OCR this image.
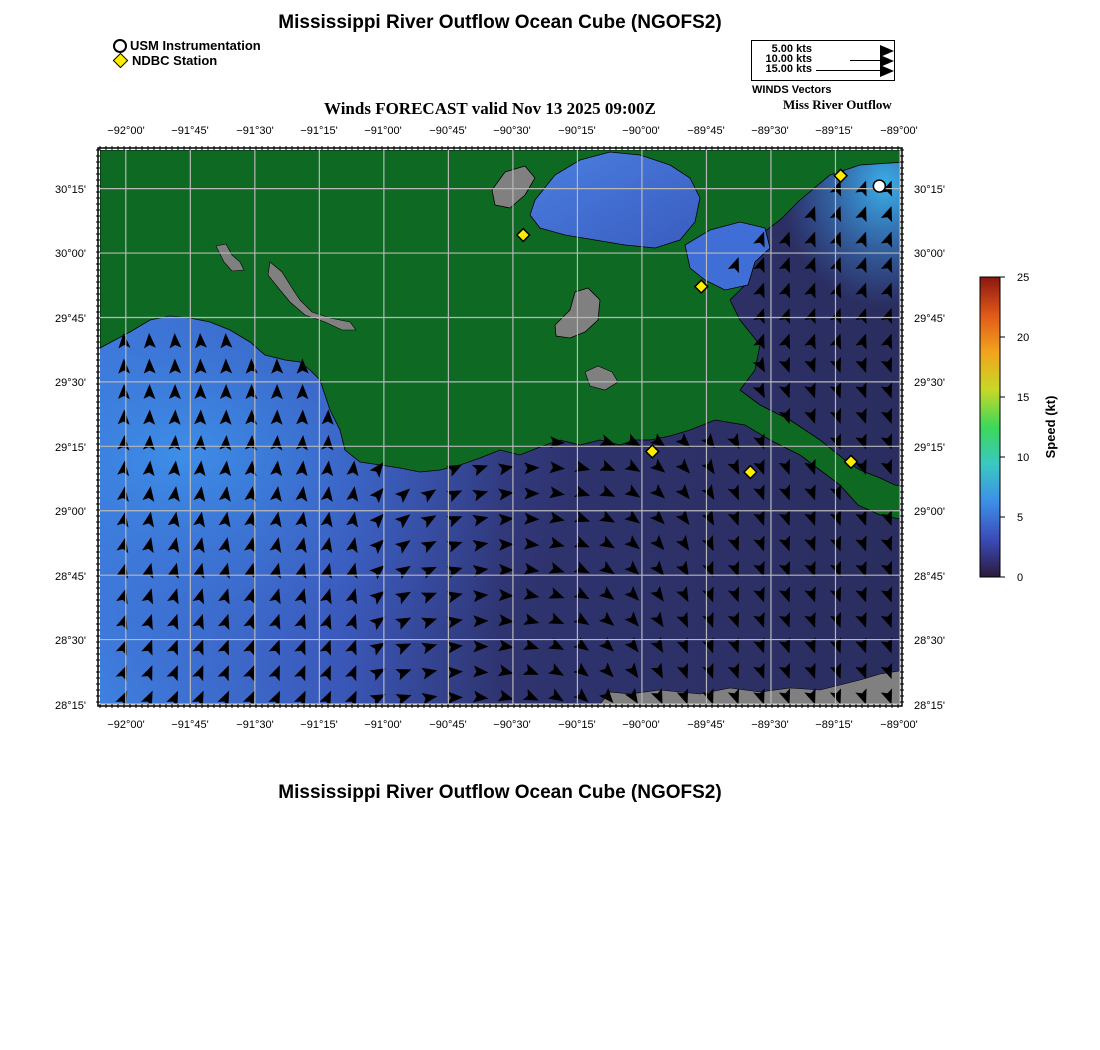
Mississippi River Outflow Ocean Cube (NGOFS2)
USM Instrumentation
NDBC Station
5.00 kts
10.00 kts
15.00 kts
WINDS Vectors
Winds FORECAST valid Nov 13 2025 09:00Z	Miss River Outflow
−92°00' −91°45'	−91°30' −91°15' −91°00'	−90°45' −90°30'	−90°15' −90°00'	−89°45' −89°30' −89°15'	−89°00'
−92°00' −91°45'	−91°30' −91°15' −91°00'	−90°45' −90°30'	−90°15' −90°00'	−89°45' −89°30' −89°15'	−89°00'
30°15'
30°00'
29°45'
29°30'
29°15'
29°00'
28°45'
28°30'
28°15'
30°15'
30°00'
29°45'
29°30'
29°15'
29°00'
28°45'
28°30'
28°15'
0
5
10
15
20
25
Speed (kt)
Mississippi River Outflow Ocean Cube (NGOFS2)
